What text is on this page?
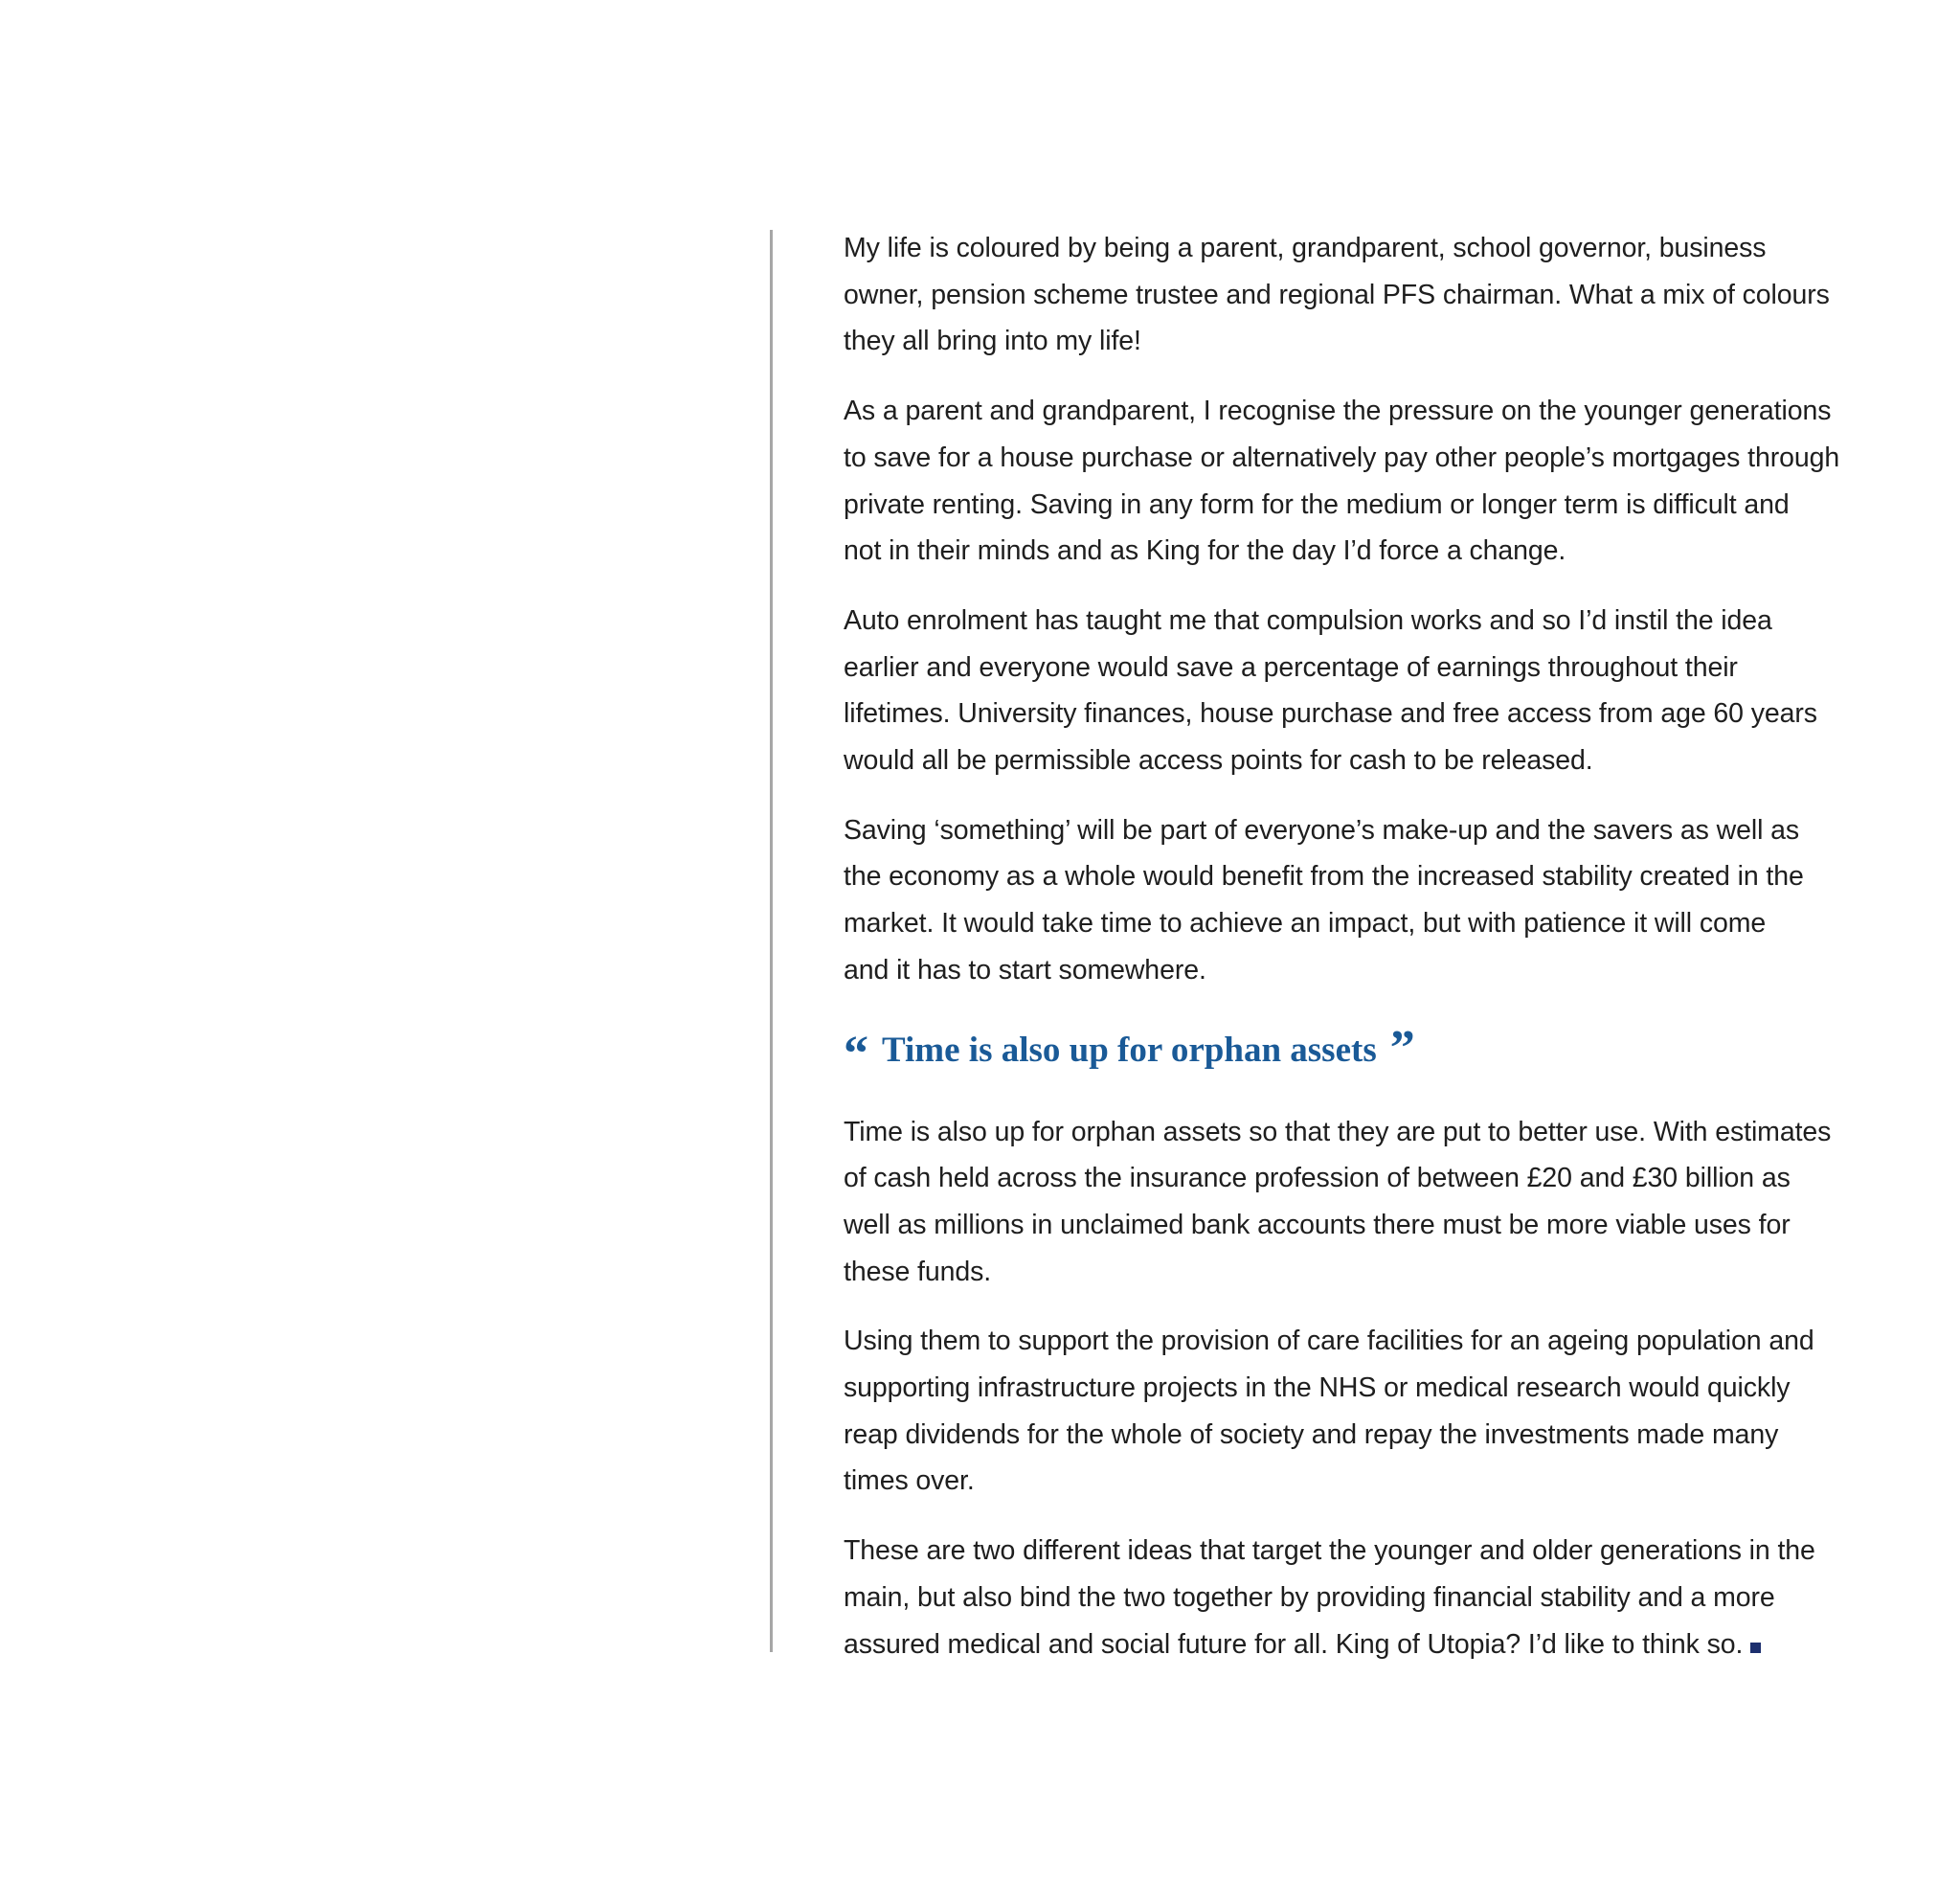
My life is coloured by being a parent, grandparent, school governor, business
owner, pension scheme trustee and regional PFS chairman. What a mix of colours
they all bring into my life!

As a parent and grandparent, I recognise the pressure on the younger generations
to save for a house purchase or alternatively pay other people’s mortgages through
private renting. Saving in any form for the medium or longer term is difficult and
not in their minds and as King for the day I’d force a change.

Auto enrolment has taught me that compulsion works and so I’d instil the idea
earlier and everyone would save a percentage of earnings throughout their
lifetimes. University finances, house purchase and free access from age 60 years
would all be permissible access points for cash to be released.

Saving ‘something’ will be part of everyone’s make-up and the savers as well as
the economy as a whole would benefit from the increased stability created in the
market. It would take time to achieve an impact, but with patience it will come
and it has to start somewhere.

“ Time is also up for orphan assets ”

Time is also up for orphan assets so that they are put to better use. With estimates
of cash held across the insurance profession of between £20 and £30 billion as
well as millions in unclaimed bank accounts there must be more viable uses for
these funds.

Using them to support the provision of care facilities for an ageing population and
supporting infrastructure projects in the NHS or medical research would quickly
reap dividends for the whole of society and repay the investments made many
times over.

These are two different ideas that target the younger and older generations in the
main, but also bind the two together by providing financial stability and a more
assured medical and social future for all. King of Utopia? I’d like to think so.
